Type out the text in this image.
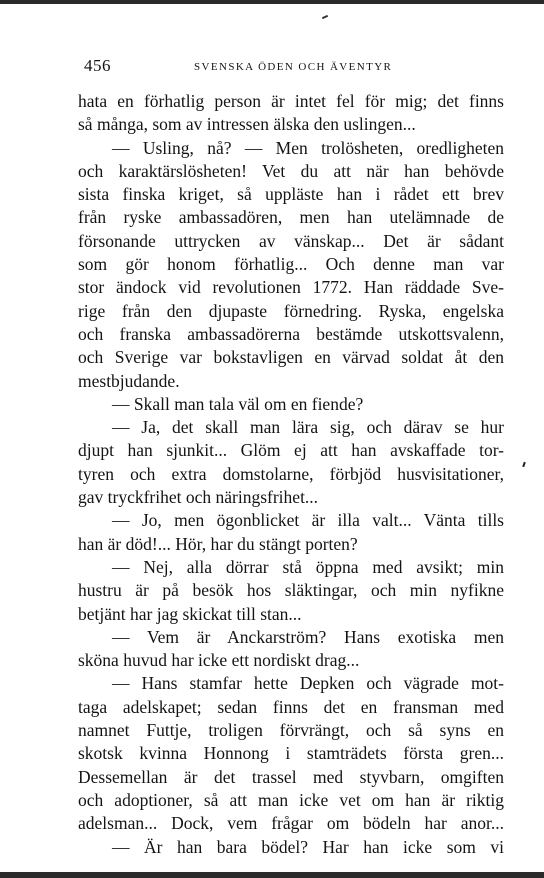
456	SVENSKA ÖDEN OCH ÄVENTYR
hata en förhatlig person är intet fel för mig; det finns
så många, som av intressen älska den uslingen...
— Usling, nå? — Men trolösheten, oredligheten
och karaktärslösheten! Vet du att när han behövde
sista finska kriget, så uppläste han i rådet ett brev
från ryske ambassadören, men han utelämnade de
försonande uttrycken av vänskap... Det är sådant
som gör honom förhatlig... Och denne man var
stor ändock vid revolutionen 1772. Han räddade Sve-
rige från den djupaste förnedring. Ryska, engelska
och franska ambassadörerna bestämde utskottsvalenn,
och Sverige var bokstavligen en värvad soldat åt den
mestbjudande.
— Skall man tala väl om en fiende?
— Ja, det skall man lära sig, och därav se hur
djupt han sjunkit... Glöm ej att han avskaffade tor-
tyren och extra domstolarne, förbjöd husvisitationer,
gav tryckfrihet och näringsfrihet...
— Jo, men ögonblicket är illa valt... Vänta tills
han är död!... Hör, har du stängt porten?
— Nej, alla dörrar stå öppna med avsikt; min
hustru är på besök hos släktingar, och min nyfikne
betjänt har jag skickat till stan...
— Vem är Anckarström? Hans exotiska men
sköna huvud har icke ett nordiskt drag...
— Hans stamfar hette Depken och vägrade mot-
taga adelskapet; sedan finns det en fransman med
namnet Futtje, troligen förvrängt, och så syns en
skotsk kvinna Honnong i stamträdets första gren...
Dessemellan är det trassel med styvbarn, omgiften
och adoptioner, så att man icke vet om han är riktig
adelsman... Dock, vem frågar om bödeln har anor...
— Är han bara bödel? Har han icke som vi
